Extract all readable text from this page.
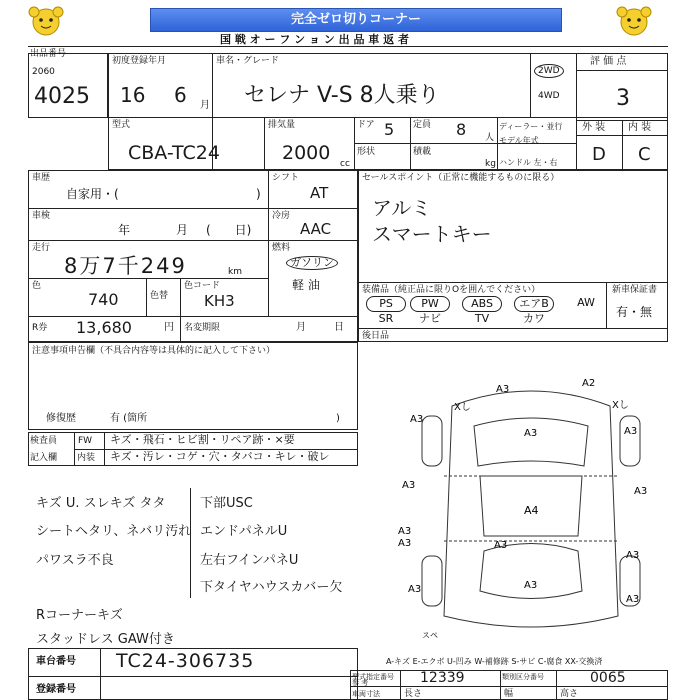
完全ゼロ切りコーナー
国 戦 オ ー フ ン ョ ン 出 品 車 返 者
出品番号
2060
4025
初度登録年月
16 6 月
車名・グレード
セレナ V-S 8人乗り
2WD
4WD
評 価 点
3
外 装 内 装
D C
型式
CBA-TC24
排気量
2000 cc
ドア 5 定員 8 人
形状	積載
kg
ディーラー・並行
モデル年式
ハンドル 左・右
車歴
自家用・(	)
シフト
AT
車検
年	月 (　　日)
冷房
AAC
走行
8万7千249	km
燃料
ガソリン
軽 油
色
740	色替
色コード
KH3
R券 13,680	円 名変期限	月	日
セールスポイント（正常に機能するものに限る）
アルミ
スマートキー
装備品（純正品に限りOを囲んでください）
PS	PW	ABS	エアB	AW
SR	ナビ	TV	カワ
新車保証書
有・無
後日品
注意事項申告欄（不具合内容等は具体的に記入して下さい）
修復歴	有 (箇所	)
検査員
記入欄
FW
内装
キズ・飛石・ヒビ割・リペア跡・×要
キズ・汚レ・コゲ・穴・タバコ・キレ・破レ
キズ U. スレキズ タタ
シートヘタリ、ネバリ汚れ
パワスラ不良
下部USC
エンドパネルU
左右フインパネU
下タイヤハウスカバー欠
Rコーナーキズ
スタッドレス GAW付き
車台番号 TC24-306735
登録番号
A3
A2
Xし	Xし
A3
A3	A3
A3
A4
A3
A3
A3	A3
A3
A3
A3
A3
スペ
A-キズ E-エクボ U-凹み W-補修跡 S-サビ C-腐食 XX-交換済
型式指定番号
参 考	12339	類別区分番号	0065
車両寸法	長さ	幅	高さ
